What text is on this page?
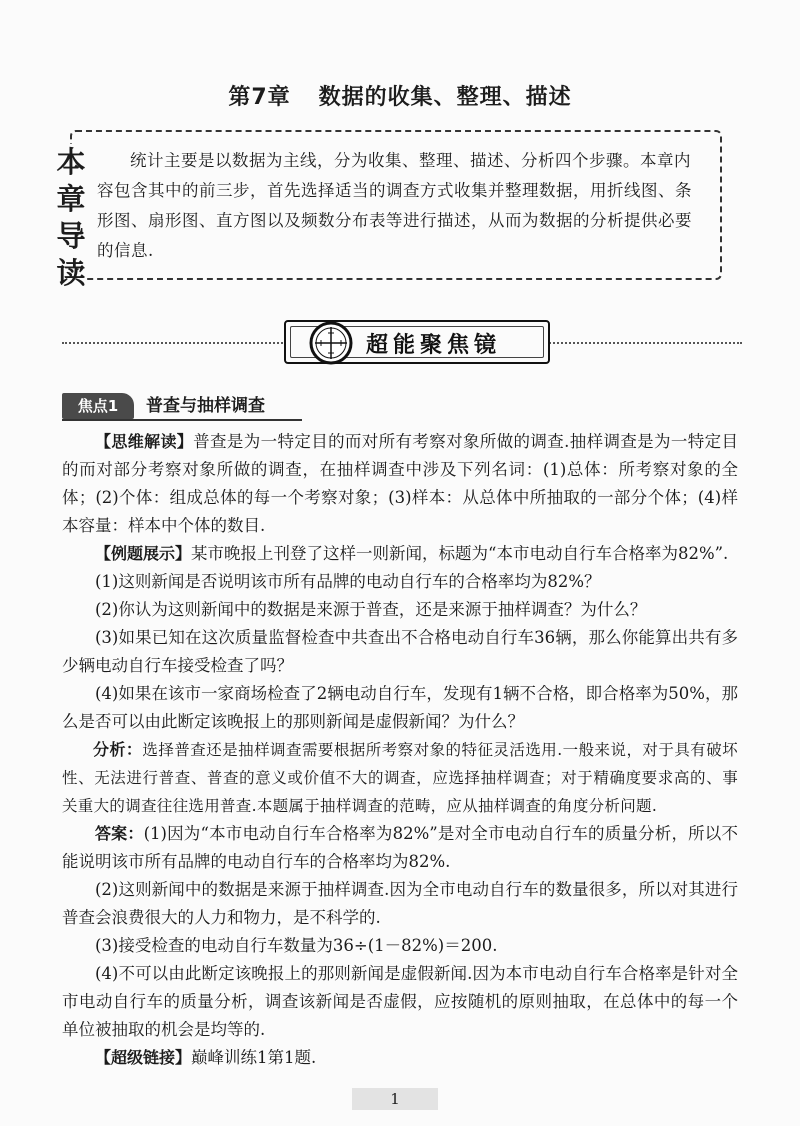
第7章 数据的收集、整理、描述
本
章
导
读
统计主要是以数据为主线，分为收集、整理、描述、分析四个步骤。本章内容包含其中的前三步，首先选择适当的调查方式收集并整理数据，用折线图、条形图、扇形图、直方图以及频数分布表等进行描述，从而为数据的分析提供必要的信息.
超能聚焦镜
焦点1	普查与抽样调查

【思维解读】普查是为一特定目的而对所有考察对象所做的调查.抽样调查是为一特定目的而对部分考察对象所做的调查，在抽样调查中涉及下列名词：(1)总体：所考察对象的全体；(2)个体：组成总体的每一个考察对象；(3)样本：从总体中所抽取的一部分个体；(4)样本容量：样本中个体的数目.

【例题展示】某市晚报上刊登了这样一则新闻，标题为“本市电动自行车合格率为82%”.

(1)这则新闻是否说明该市所有品牌的电动自行车的合格率均为82%？

(2)你认为这则新闻中的数据是来源于普查，还是来源于抽样调查？为什么？

(3)如果已知在这次质量监督检查中共查出不合格电动自行车36辆，那么你能算出共有多少辆电动自行车接受检查了吗？

(4)如果在该市一家商场检查了2辆电动自行车，发现有1辆不合格，即合格率为50%，那么是否可以由此断定该晚报上的那则新闻是虚假新闻？为什么？

分析：选择普查还是抽样调查需要根据所考察对象的特征灵活选用.一般来说，对于具有破坏性、无法进行普查、普查的意义或价值不大的调查，应选择抽样调查；对于精确度要求高的、事关重大的调查往往选用普查.本题属于抽样调查的范畴，应从抽样调查的角度分析问题.

答案：(1)因为“本市电动自行车合格率为82%”是对全市电动自行车的质量分析，所以不能说明该市所有品牌的电动自行车的合格率均为82%.

(2)这则新闻中的数据是来源于抽样调查.因为全市电动自行车的数量很多，所以对其进行普查会浪费很大的人力和物力，是不科学的.

(3)接受检查的电动自行车数量为36÷(1－82%)＝200.

(4)不可以由此断定该晚报上的那则新闻是虚假新闻.因为本市电动自行车合格率是针对全市电动自行车的质量分析，调查该新闻是否虚假，应按随机的原则抽取，在总体中的每一个单位被抽取的机会是均等的.

【超级链接】巅峰训练1第1题.

1
